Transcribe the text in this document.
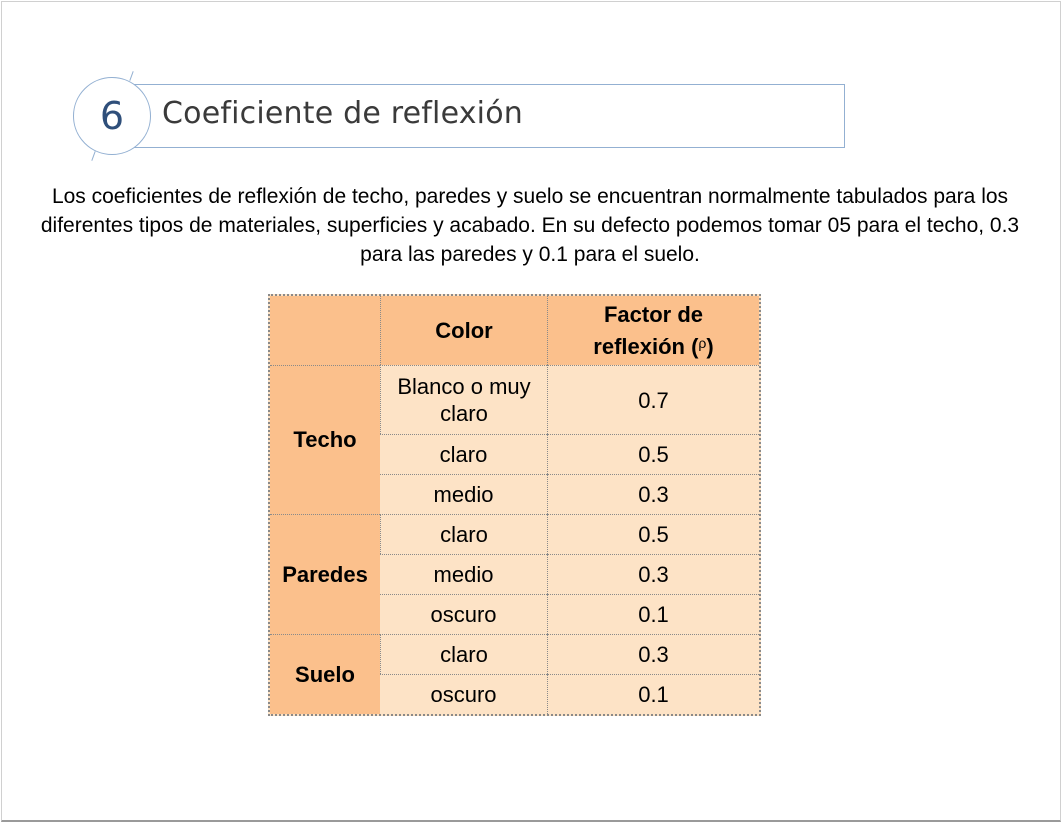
6 Coeficiente de reflexión
Los coeficientes de reflexión de techo, paredes y suelo se encuentran normalmente tabulados para los diferentes tipos de materiales, superficies y acabado. En su defecto podemos tomar 05 para el techo, 0.3 para las paredes y 0.1 para el suelo.
	Color	Factor de
reflexión ($^\rho$)
Techo	Blanco o muy claro	0.7
	claro	0.5
	medio	0.3
Paredes	claro	0.5
	medio	0.3
	oscuro	0.1
Suelo	claro	0.3
	oscuro	0.1
